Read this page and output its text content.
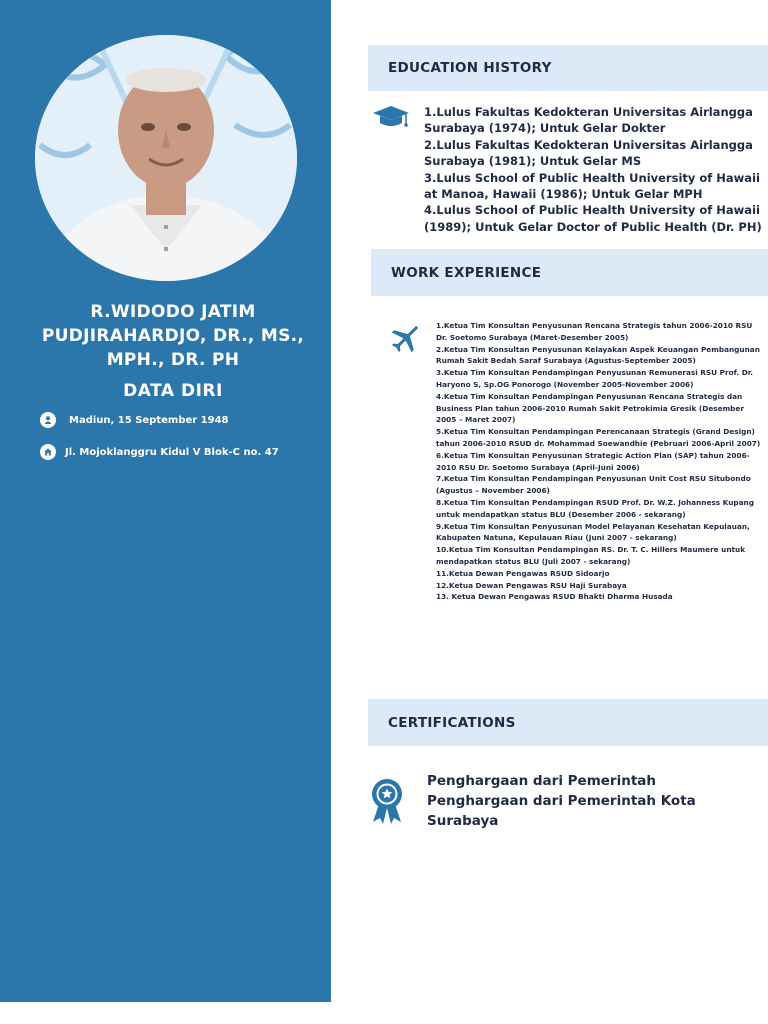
R.WIDODO JATIM PUDJIRAHARDJO, DR., MS., MPH., DR. PH
DATA DIRI
Madiun, 15 September 1948
Jl. Mojoklanggru Kidul V Blok-C no. 47
EDUCATION HISTORY
1.Lulus Fakultas Kedokteran Universitas Airlangga Surabaya (1974); Untuk Gelar Dokter
2.Lulus Fakultas Kedokteran Universitas Airlangga Surabaya (1981); Untuk Gelar MS
3.Lulus School of Public Health University of Hawaii at Manoa, Hawaii (1986); Untuk Gelar MPH
4.Lulus School of Public Health University of Hawaii (1989); Untuk Gelar Doctor of Public Health (Dr. PH)
WORK EXPERIENCE
1.Ketua Tim Konsultan Penyusunan Rencana Strategis tahun 2006-2010 RSU Dr. Soetomo Surabaya (Maret-Desember 2005)
2.Ketua Tim Konsultan Penyusunan Kelayakan Aspek Keuangan Pembangunan Rumah Sakit Bedah Saraf Surabaya (Agustus-September 2005)
3.Ketua Tim Konsultan Pendampingan Penyusunan Remunerasi RSU Prof. Dr. Haryono S, Sp.OG Ponorogo (November 2005-November 2006)
4.Ketua Tim Konsultan Pendampingan Penyusunan Rencana Strategis dan Business Plan tahun 2006-2010 Rumah Sakit Petrokimia Gresik (Desember 2005 – Maret 2007)
5.Ketua Tim Konsultan Pendampingan Perencanaan Strategis (Grand Design) tahun 2006-2010 RSUD dr. Mohammad Soewandhie (Pebruari 2006-April 2007)
6.Ketua Tim Konsultan Penyusunan Strategic Action Plan (SAP) tahun 2006-2010 RSU Dr. Soetomo Surabaya (April-Juni 2006)
7.Ketua Tim Konsultan Pendampingan Penyusunan Unit Cost RSU Situbondo (Agustus – November 2006)
8.Ketua Tim Konsultan Pendampingan RSUD Prof. Dr. W.Z. Johanness Kupang untuk mendapatkan status BLU (Desember 2006 - sekarang)
9.Ketua Tim Konsultan Penyusunan Model Pelayanan Kesehatan Kepulauan, Kabupaten Natuna, Kepulauan Riau (Juni 2007 - sekarang)
10.Ketua Tim Konsultan Pendampingan RS. Dr. T. C. Hillers Maumere untuk mendapatkan status BLU (Juli 2007 - sekarang)
11.Ketua Dewan Pengawas RSUD Sidoarjo
12.Ketua Dewan Pengawas RSU Haji Surabaya
13. Ketua Dewan Pengawas RSUD Bhakti Dharma Husada
CERTIFICATIONS
Penghargaan dari Pemerintah
Penghargaan dari Pemerintah Kota Surabaya
